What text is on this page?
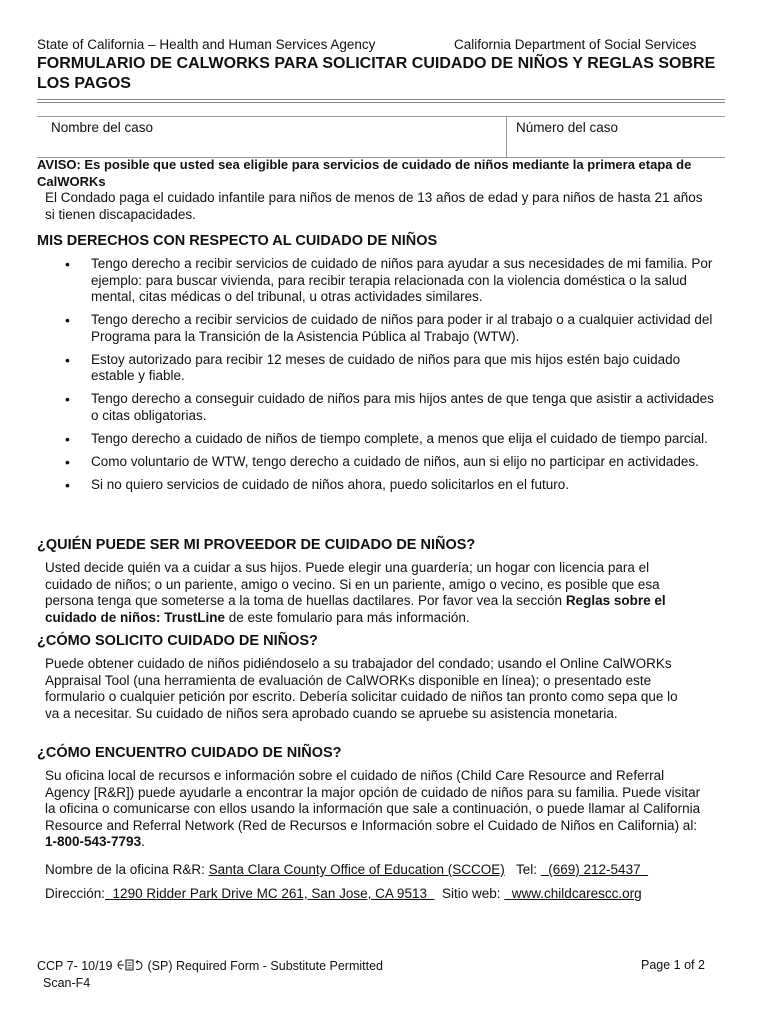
State of California – Health and Human Services Agency	California Department of Social Services
FORMULARIO DE CALWORKS PARA SOLICITAR CUIDADO DE NIÑOS Y REGLAS SOBRE LOS PAGOS
Nombre del caso	Número del caso
AVISO: Es posible que usted sea eligible para servicios de cuidado de niños mediante la primera etapa de CalWORKs
El Condado paga el cuidado infantile para niños de menos de 13 años de edad y para niños de hasta 21 años si tienen discapacidades.
MIS DERECHOS CON RESPECTO AL CUIDADO DE NIÑOS
• Tengo derecho a recibir servicios de cuidado de niños para ayudar a sus necesidades de mi familia. Por ejemplo: para buscar vivienda, para recibir terapia relacionada con la violencia doméstica o la salud mental, citas médicas o del tribunal, u otras actividades similares.
• Tengo derecho a recibir servicios de cuidado de niños para poder ir al trabajo o a cualquier actividad del Programa para la Transición de la Asistencia Pública al Trabajo (WTW).
• Estoy autorizado para recibir 12 meses de cuidado de niños para que mis hijos estén bajo cuidado estable y fiable.
• Tengo derecho a conseguir cuidado de niños para mis hijos antes de que tenga que asistir a actividades o citas obligatorias.
• Tengo derecho a cuidado de niños de tiempo complete, a menos que elija el cuidado de tiempo parcial.
• Como voluntario de WTW, tengo derecho a cuidado de niños, aun si elijo no participar en actividades.
• Si no quiero servicios de cuidado de niños ahora, puedo solicitarlos en el futuro.
¿QUIÉN PUEDE SER MI PROVEEDOR DE CUIDADO DE NIÑOS?
Usted decide quién va a cuidar a sus hijos. Puede elegir una guardería; un hogar con licencia para el cuidado de niños; o un pariente, amigo o vecino. Si en un pariente, amigo o vecino, es posible que esa persona tenga que someterse a la toma de huellas dactilares. Por favor vea la sección Reglas sobre el cuidado de niños: TrustLine de este fomulario para más información.
¿CÓMO SOLICITO CUIDADO DE NIÑOS?
Puede obtener cuidado de niños pidiéndoselo a su trabajador del condado; usando el Online CalWORKs Appraisal Tool (una herramienta de evaluación de CalWORKs disponible en línea); o presentado este formulario o cualquier petición por escrito. Debería solicitar cuidado de niños tan pronto como sepa que lo va a necesitar. Su cuidado de niños sera aprobado cuando se apruebe su asistencia monetaria.
¿CÓMO ENCUENTRO CUIDADO DE NIÑOS?
Su oficina local de recursos e información sobre el cuidado de niños (Child Care Resource and Referral Agency [R&R]) puede ayudarle a encontrar la major opción de cuidado de niños para su familia. Puede visitar la oficina o comunicarse con ellos usando la información que sale a continuación, o puede llamar al California Resource and Referral Network (Red de Recursos e Información sobre el Cuidado de Niños en California) al: 1-800-543-7793.
Nombre de la oficina R&R: Santa Clara County Office of Education (SCCOE) Tel:   (669) 212-5437
Dirección: 1290 Ridder Park Drive MC 261, San Jose, CA 9513 Sitio web:   www.childcarescc.org
CCP 7- 10/19	(SP) Required Form - Substitute Permitted
Scan-F4
Page 1 of 2
